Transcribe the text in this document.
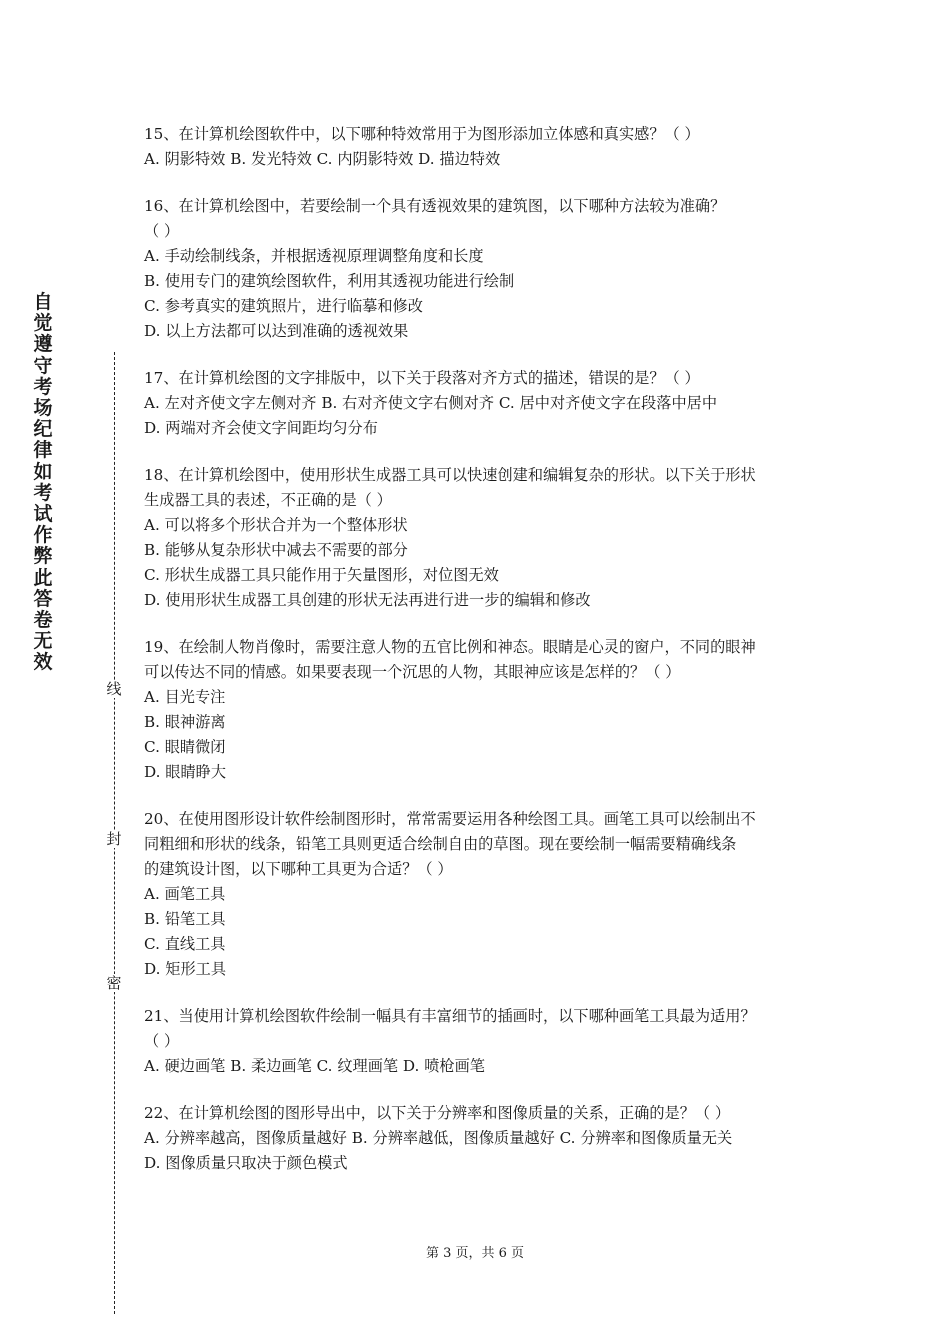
自觉遵守考场纪律如考试作弊此答卷无效
线
封
密

15、在计算机绘图软件中，以下哪种特效常用于为图形添加立体感和真实感？（ ）

A. 阴影特效 B. 发光特效 C. 内阴影特效 D. 描边特效

16、在计算机绘图中，若要绘制一个具有透视效果的建筑图，以下哪种方法较为准确？

（ ）

A. 手动绘制线条，并根据透视原理调整角度和长度

B. 使用专门的建筑绘图软件，利用其透视功能进行绘制

C. 参考真实的建筑照片，进行临摹和修改

D. 以上方法都可以达到准确的透视效果

17、在计算机绘图的文字排版中，以下关于段落对齐方式的描述，错误的是？（ ）

A. 左对齐使文字左侧对齐 B. 右对齐使文字右侧对齐 C. 居中对齐使文字在段落中居中

D. 两端对齐会使文字间距均匀分布

18、在计算机绘图中，使用形状生成器工具可以快速创建和编辑复杂的形状。以下关于形状

生成器工具的表述，不正确的是（ ）

A. 可以将多个形状合并为一个整体形状

B. 能够从复杂形状中减去不需要的部分

C. 形状生成器工具只能作用于矢量图形，对位图无效

D. 使用形状生成器工具创建的形状无法再进行进一步的编辑和修改

19、在绘制人物肖像时，需要注意人物的五官比例和神态。眼睛是心灵的窗户，不同的眼神

可以传达不同的情感。如果要表现一个沉思的人物，其眼神应该是怎样的？（ ）

A. 目光专注

B. 眼神游离

C. 眼睛微闭

D. 眼睛睁大

20、在使用图形设计软件绘制图形时，常常需要运用各种绘图工具。画笔工具可以绘制出不

同粗细和形状的线条，铅笔工具则更适合绘制自由的草图。现在要绘制一幅需要精确线条

的建筑设计图，以下哪种工具更为合适？（ ）

A. 画笔工具

B. 铅笔工具

C. 直线工具

D. 矩形工具

21、当使用计算机绘图软件绘制一幅具有丰富细节的插画时，以下哪种画笔工具最为适用？

（ ）

A. 硬边画笔 B. 柔边画笔 C. 纹理画笔 D. 喷枪画笔

22、在计算机绘图的图形导出中，以下关于分辨率和图像质量的关系，正确的是？（ ）

A. 分辨率越高，图像质量越好 B. 分辨率越低，图像质量越好 C. 分辨率和图像质量无关

D. 图像质量只取决于颜色模式

第 3 页，共 6 页
